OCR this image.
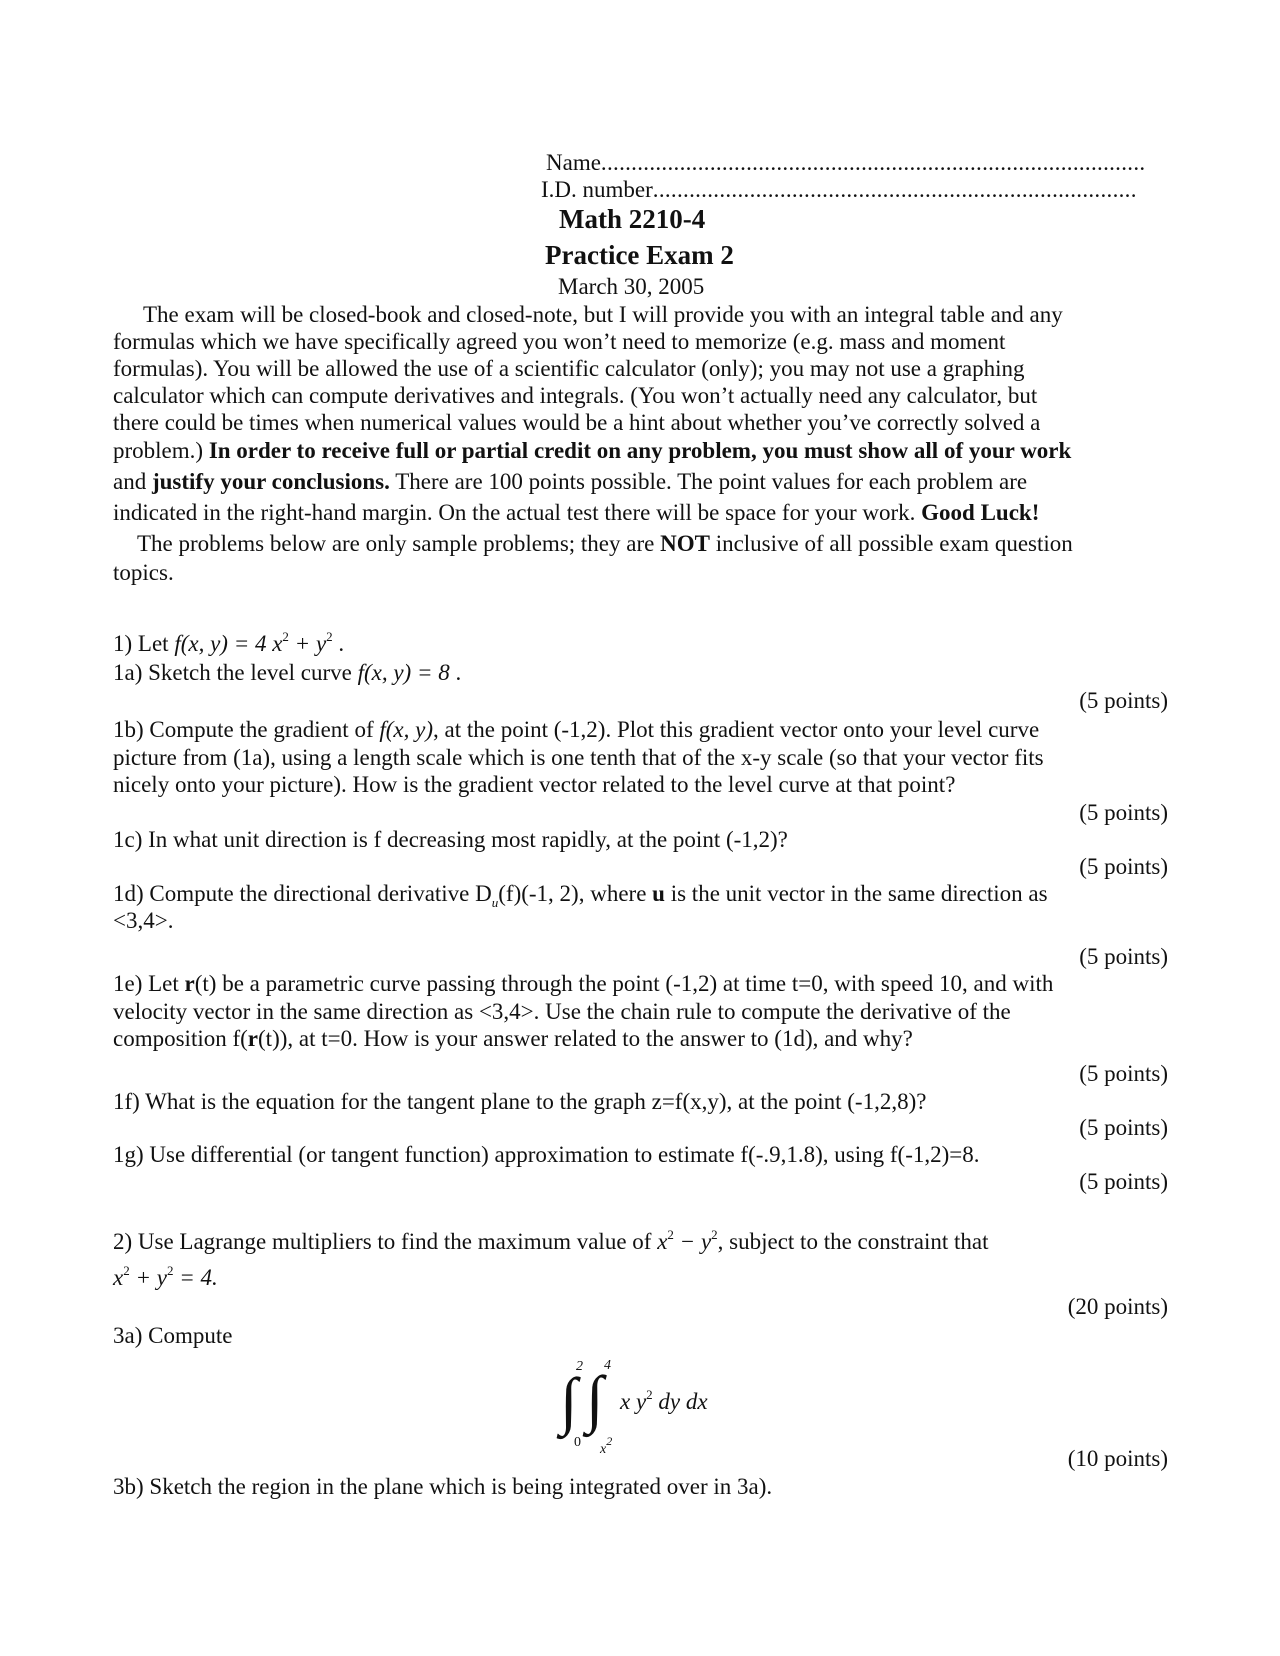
Name..........................................................................................
I.D. number................................................................................
Math 2210-4
Practice Exam 2
March 30, 2005
The exam will be closed-book and closed-note, but I will provide you with an integral table and any
formulas which we have specifically agreed you won’t need to memorize (e.g. mass and moment
formulas). You will be allowed the use of a scientific calculator (only); you may not use a graphing
calculator which can compute derivatives and integrals. (You won’t actually need any calculator, but
there could be times when numerical values would be a hint about whether you’ve correctly solved a
problem.) In order to receive full or partial credit on any problem, you must show all of your work
and justify your conclusions. There are 100 points possible. The point values for each problem are
indicated in the right-hand margin. On the actual test there will be space for your work. Good Luck!
The problems below are only sample problems; they are NOT inclusive of all possible exam question
topics.
1) Let f(x, y) = 4 $x^2 + y^2$ .
1a) Sketch the level curve f(x, y) = 8 .
(5 points)
1b) Compute the gradient of f(x, y), at the point (-1,2). Plot this gradient vector onto your level curve
picture from (1a), using a length scale which is one tenth that of the x-y scale (so that your vector fits
nicely onto your picture). How is the gradient vector related to the level curve at that point?
(5 points)
1c) In what unit direction is f decreasing most rapidly, at the point (-1,2)?
(5 points)
1d) Compute the directional derivative $D_u(f)(-1$, 2), where u is the unit vector in the same direction as
<3,4>.
(5 points)
1e) Let r(t) be a parametric curve passing through the point (-1,2) at time t=0, with speed 10, and with
velocity vector in the same direction as <3,4>. Use the chain rule to compute the derivative of the
composition f(r(t)), at t=0. How is your answer related to the answer to (1d), and why?
(5 points)
1f) What is the equation for the tangent plane to the graph z=f(x,y), at the point (-1,2,8)?
(5 points)
1g) Use differential (or tangent function) approximation to estimate f(-.9,1.8), using f(-1,2)=8.
(5 points)
2) Use Lagrange multipliers to find the maximum value of $x^2 - y^2$, subject to the constraint that
$x^2 + y^2 = 4$.
(20 points)
3a) Compute
∫
2
0
∫ 4
$x^2$
x $y^2$ dy dx
(10 points)
3b) Sketch the region in the plane which is being integrated over in 3a).
